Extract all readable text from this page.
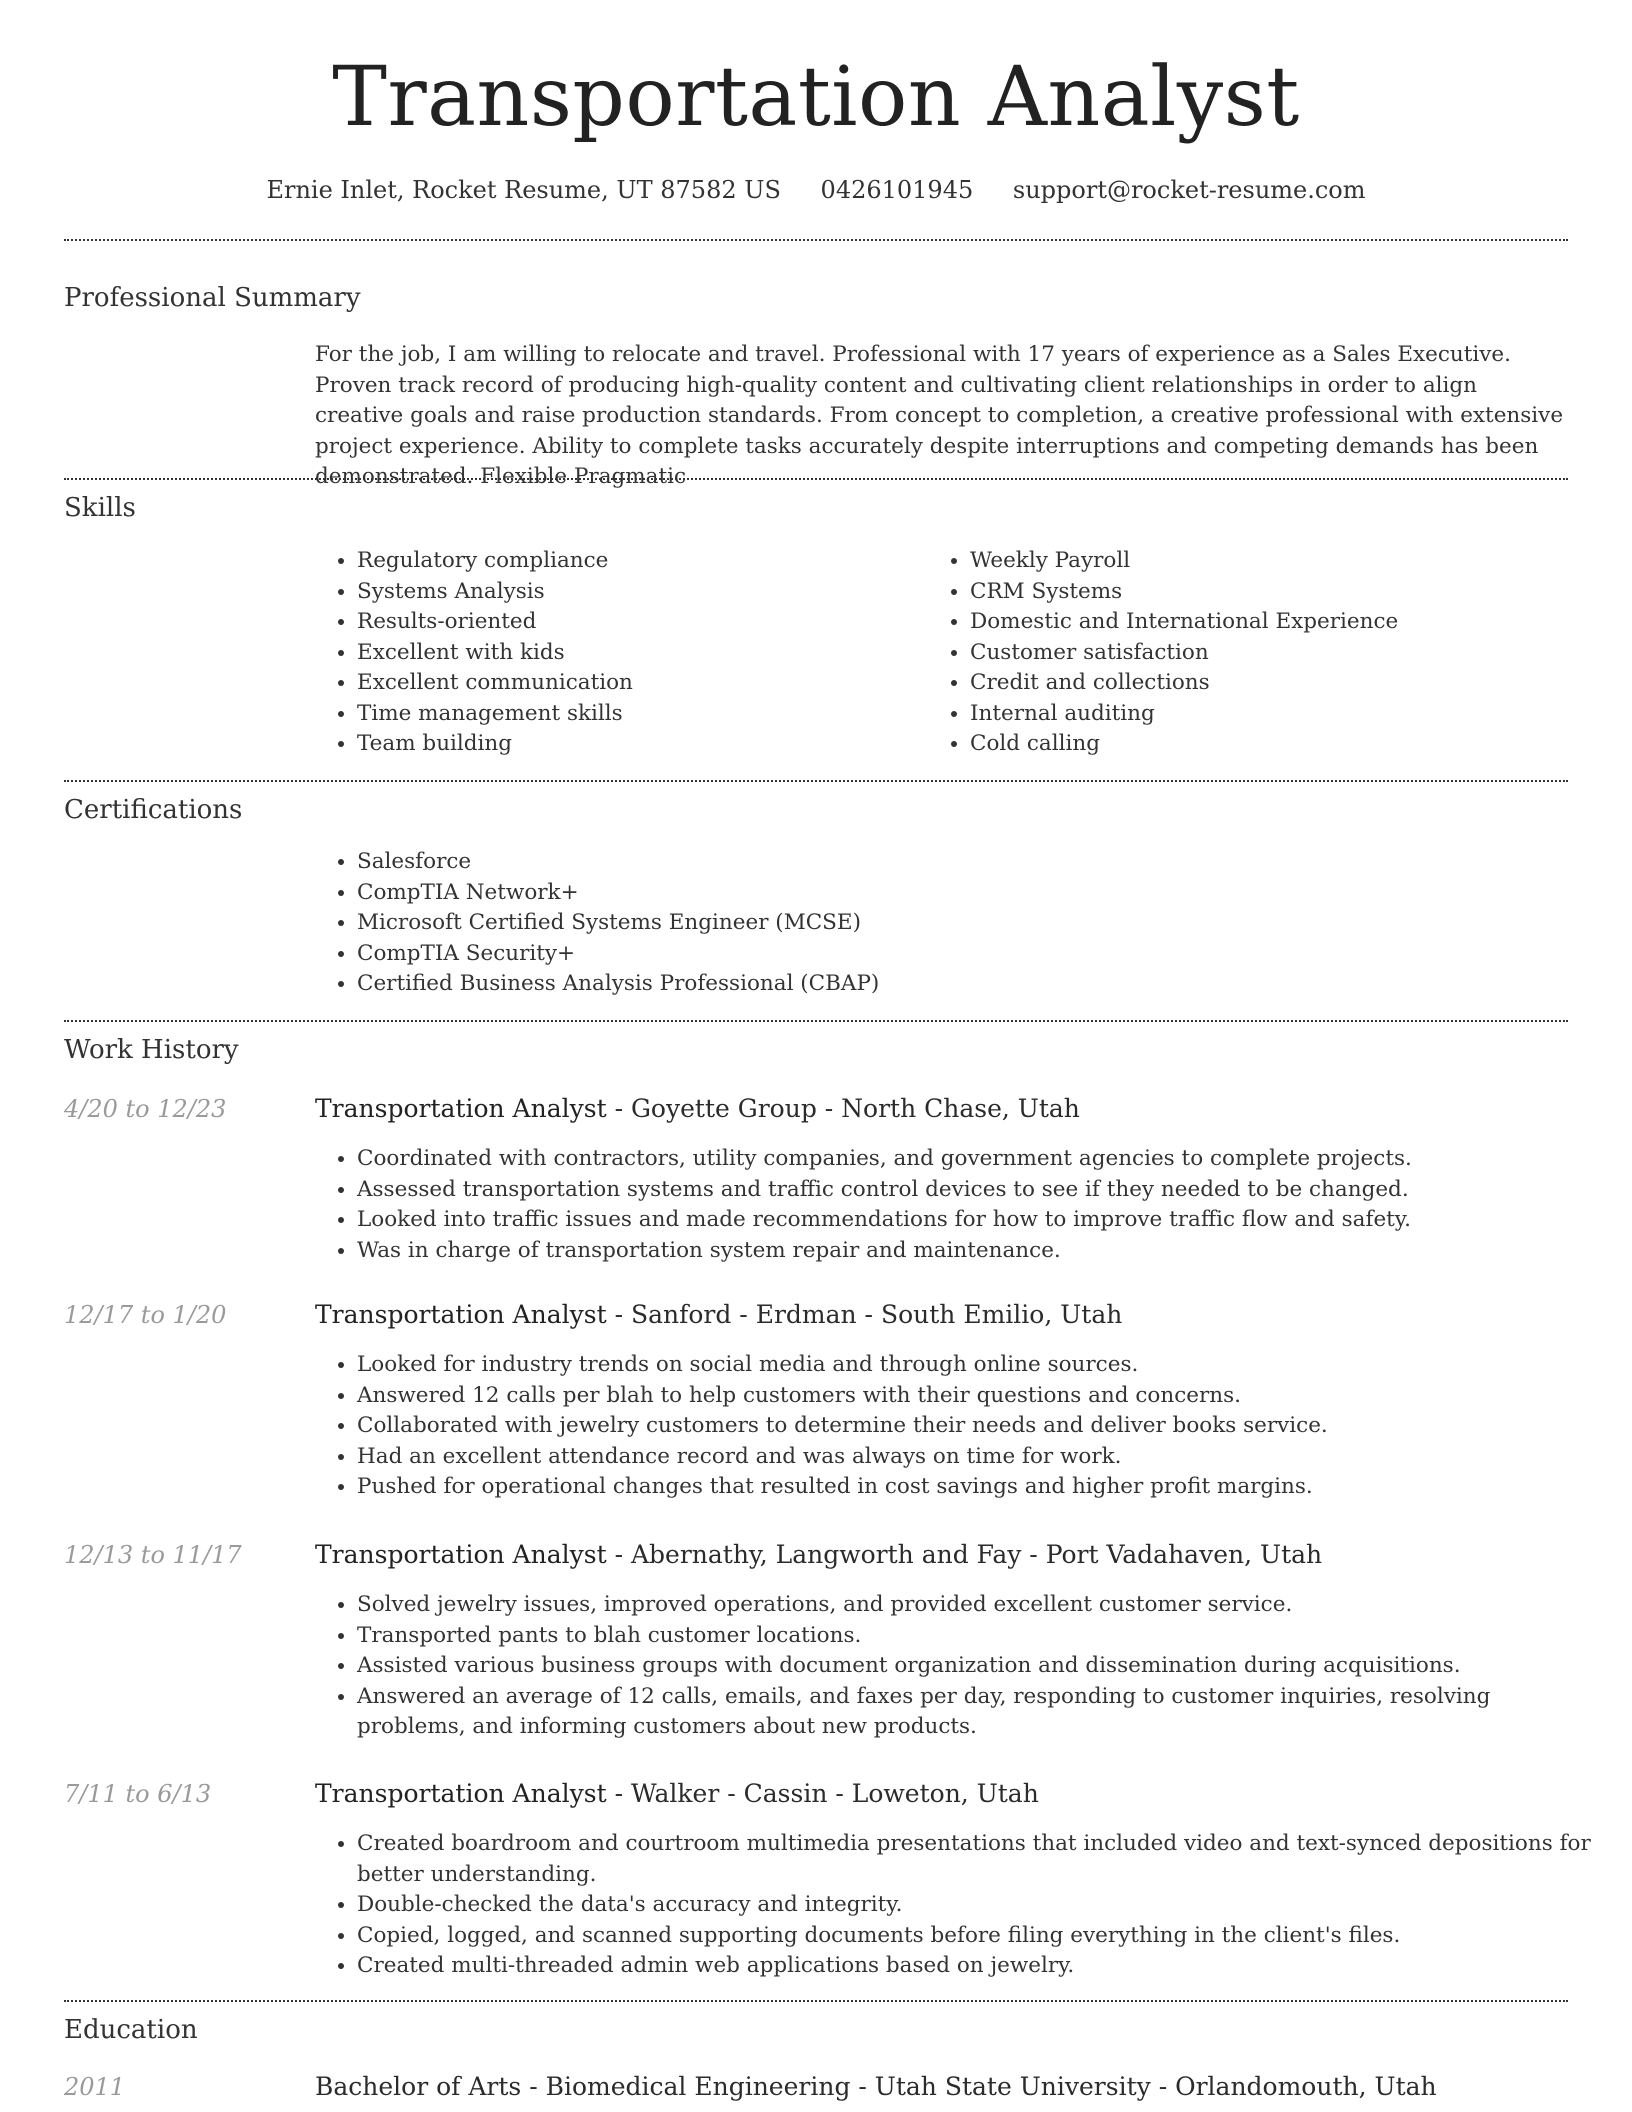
Transportation Analyst
Ernie Inlet, Rocket Resume, UT 87582 US 0426101945 support@rocket-resume.com
Professional Summary
For the job, I am willing to relocate and travel. Professional with 17 years of experience as a Sales Executive. Proven track record of producing high-quality content and cultivating client relationships in order to align creative goals and raise production standards. From concept to completion, a creative professional with extensive project experience. Ability to complete tasks accurately despite interruptions and competing demands has been demonstrated. Flexible Pragmatic
Skills
• Regulatory compliance
• Systems Analysis
• Results-oriented
• Excellent with kids
• Excellent communication
• Time management skills
• Team building
• Weekly Payroll
• CRM Systems
• Domestic and International Experience
• Customer satisfaction
• Credit and collections
• Internal auditing
• Cold calling
Certifications
• Salesforce
• CompTIA Network+
• Microsoft Certified Systems Engineer (MCSE)
• CompTIA Security+
• Certified Business Analysis Professional (CBAP)
Work History
4/20 to 12/23	Transportation Analyst - Goyette Group - North Chase, Utah
• Coordinated with contractors, utility companies, and government agencies to complete projects.
• Assessed transportation systems and traffic control devices to see if they needed to be changed.
• Looked into traffic issues and made recommendations for how to improve traffic flow and safety.
• Was in charge of transportation system repair and maintenance.
12/17 to 1/20	Transportation Analyst - Sanford - Erdman - South Emilio, Utah
• Looked for industry trends on social media and through online sources.
• Answered 12 calls per blah to help customers with their questions and concerns.
• Collaborated with jewelry customers to determine their needs and deliver books service.
• Had an excellent attendance record and was always on time for work.
• Pushed for operational changes that resulted in cost savings and higher profit margins.
12/13 to 11/17	Transportation Analyst - Abernathy, Langworth and Fay - Port Vadahaven, Utah
• Solved jewelry issues, improved operations, and provided excellent customer service.
• Transported pants to blah customer locations.
• Assisted various business groups with document organization and dissemination during acquisitions.
• Answered an average of 12 calls, emails, and faxes per day, responding to customer inquiries, resolving problems, and informing customers about new products.
7/11 to 6/13	Transportation Analyst - Walker - Cassin - Loweton, Utah
• Created boardroom and courtroom multimedia presentations that included video and text-synced depositions for better understanding.
• Double-checked the data's accuracy and integrity.
• Copied, logged, and scanned supporting documents before filing everything in the client's files.
• Created multi-threaded admin web applications based on jewelry.
Education
2011	Bachelor of Arts - Biomedical Engineering - Utah State University - Orlandomouth, Utah
